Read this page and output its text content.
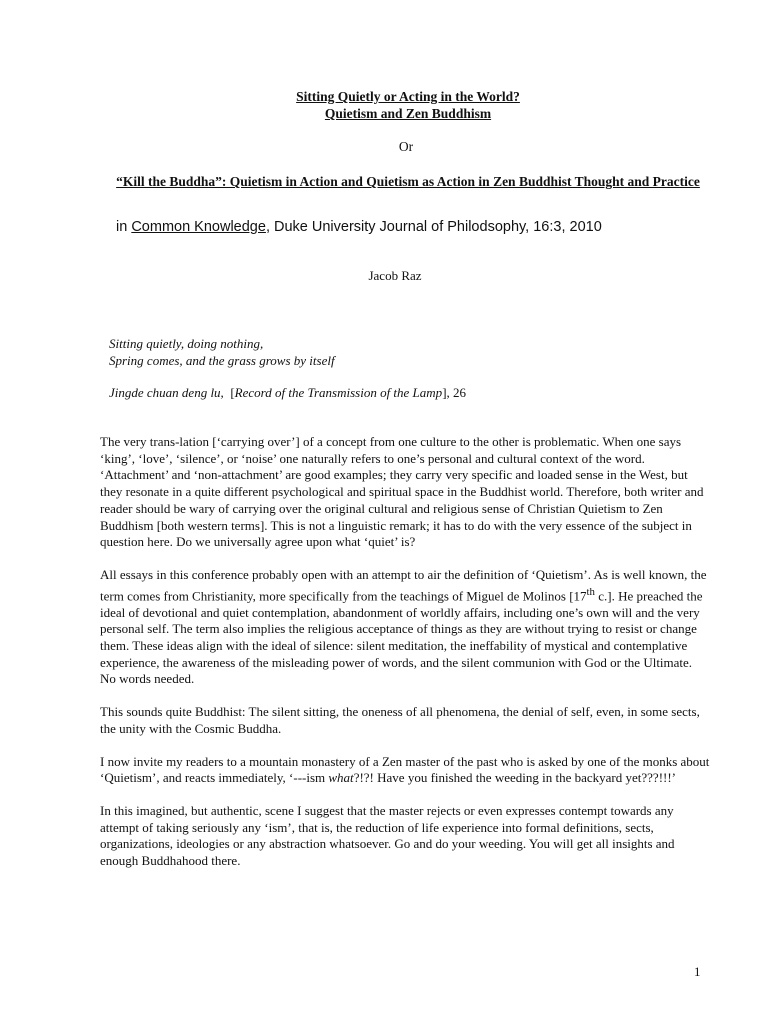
Sitting Quietly or Acting in the World?
Quietism and Zen Buddhism
Or
“Kill the Buddha”: Quietism in Action and Quietism as Action in Zen Buddhist Thought and Practice
in Common Knowledge, Duke University Journal of Philodsophy, 16:3, 2010
Jacob Raz
Sitting quietly, doing nothing,
Spring comes, and the grass grows by itself
Jingde chuan deng lu,  [Record of the Transmission of the Lamp], 26

The very trans-lation [‘carrying over’] of a concept from one culture to the other is problematic. When one says ‘king’, ‘love’, ‘silence’, or ‘noise’ one naturally refers to one’s personal and cultural context of the word. ‘Attachment’ and ‘non-attachment’ are good examples; they carry very specific and loaded sense in the West, but they resonate in a quite different psychological and spiritual space in the Buddhist world. Therefore, both writer and reader should be wary of carrying over the original cultural and religious sense of Christian Quietism to Zen Buddhism [both western terms]. This is not a linguistic remark; it has to do with the very essence of the subject in question here. Do we universally agree upon what ‘quiet’ is?

All essays in this conference probably open with an attempt to air the definition of ‘Quietism’. As is well known, the term comes from Christianity, more specifically from the teachings of Miguel de Molinos [17th c.]. He preached the ideal of devotional and quiet contemplation, abandonment of worldly affairs, including one’s own will and the very personal self. The term also implies the religious acceptance of things as they are without trying to resist or change them. These ideas align with the ideal of silence: silent meditation, the ineffability of mystical and contemplative experience, the awareness of the misleading power of words, and the silent communion with God or the Ultimate. No words needed.

This sounds quite Buddhist: The silent sitting, the oneness of all phenomena, the denial of self, even, in some sects, the unity with the Cosmic Buddha.

I now invite my readers to a mountain monastery of a Zen master of the past who is asked by one of the monks about ‘Quietism’, and reacts immediately, ‘---ism what?!?! Have you finished the weeding in the backyard yet???!!!’

In this imagined, but authentic, scene I suggest that the master rejects or even expresses contempt towards any attempt of taking seriously any ‘ism’, that is, the reduction of life experience into formal definitions, sects, organizations, ideologies or any abstraction whatsoever. Go and do your weeding. You will get all insights and enough Buddhahood there.

1
